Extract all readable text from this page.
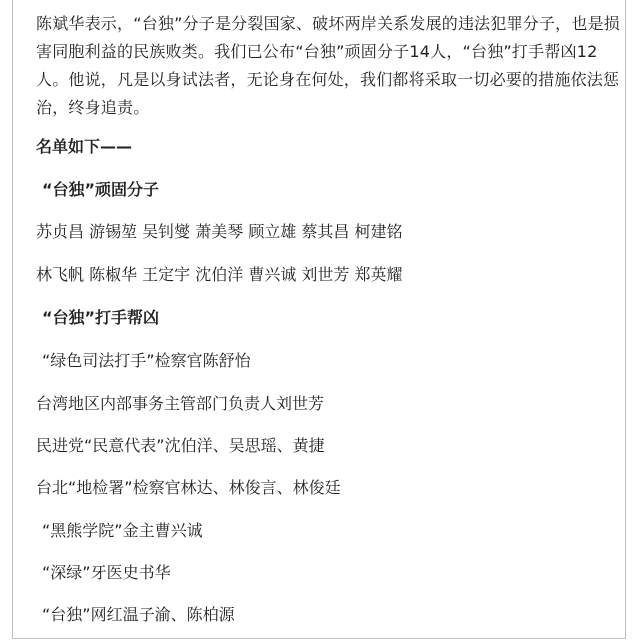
陈斌华表示，“台独”分子是分裂国家、破坏两岸关系发展的违法犯罪分子，也是损害同胞利益的民族败类。我们已公布“台独”顽固分子14人，“台独”打手帮凶12人。他说，凡是以身试法者，无论身在何处，我们都将采取一切必要的措施依法惩治，终身追责。

名单如下——

“台独”顽固分子

苏贞昌 游锡堃 吴钊燮 萧美琴 顾立雄 蔡其昌 柯建铭

林飞帆 陈椒华 王定宇 沈伯洋 曹兴诚 刘世芳 郑英耀

“台独”打手帮凶

“绿色司法打手”检察官陈舒怡

台湾地区内部事务主管部门负责人刘世芳

民进党“民意代表”沈伯洋、吴思瑶、黄捷

台北“地检署”检察官林达、林俊言、林俊廷

“黑熊学院”金主曹兴诚

“深绿”牙医史书华

“台独”网红温子渝、陈柏源
